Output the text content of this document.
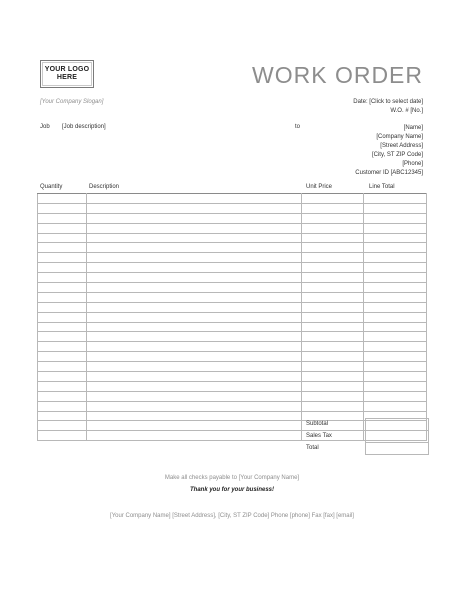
YOUR LOGO
HERE	WORK ORDER
[Your Company Slogan]	Date: [Click to select date]
W.O. # [No.]
Job [Job description]	to	[Name]
[Company Name]
[Street Address]
[City, ST ZIP Code]
[Phone]
Customer ID [ABC12345]
Quantity	Description	Unit Price	Line Total

Subtotal
Sales Tax
Total
Make all checks payable to [Your Company Name]
Thank you for your business!
[Your Company Name] [Street Address], [City, ST ZIP Code] Phone [phone] Fax [fax] [email]
